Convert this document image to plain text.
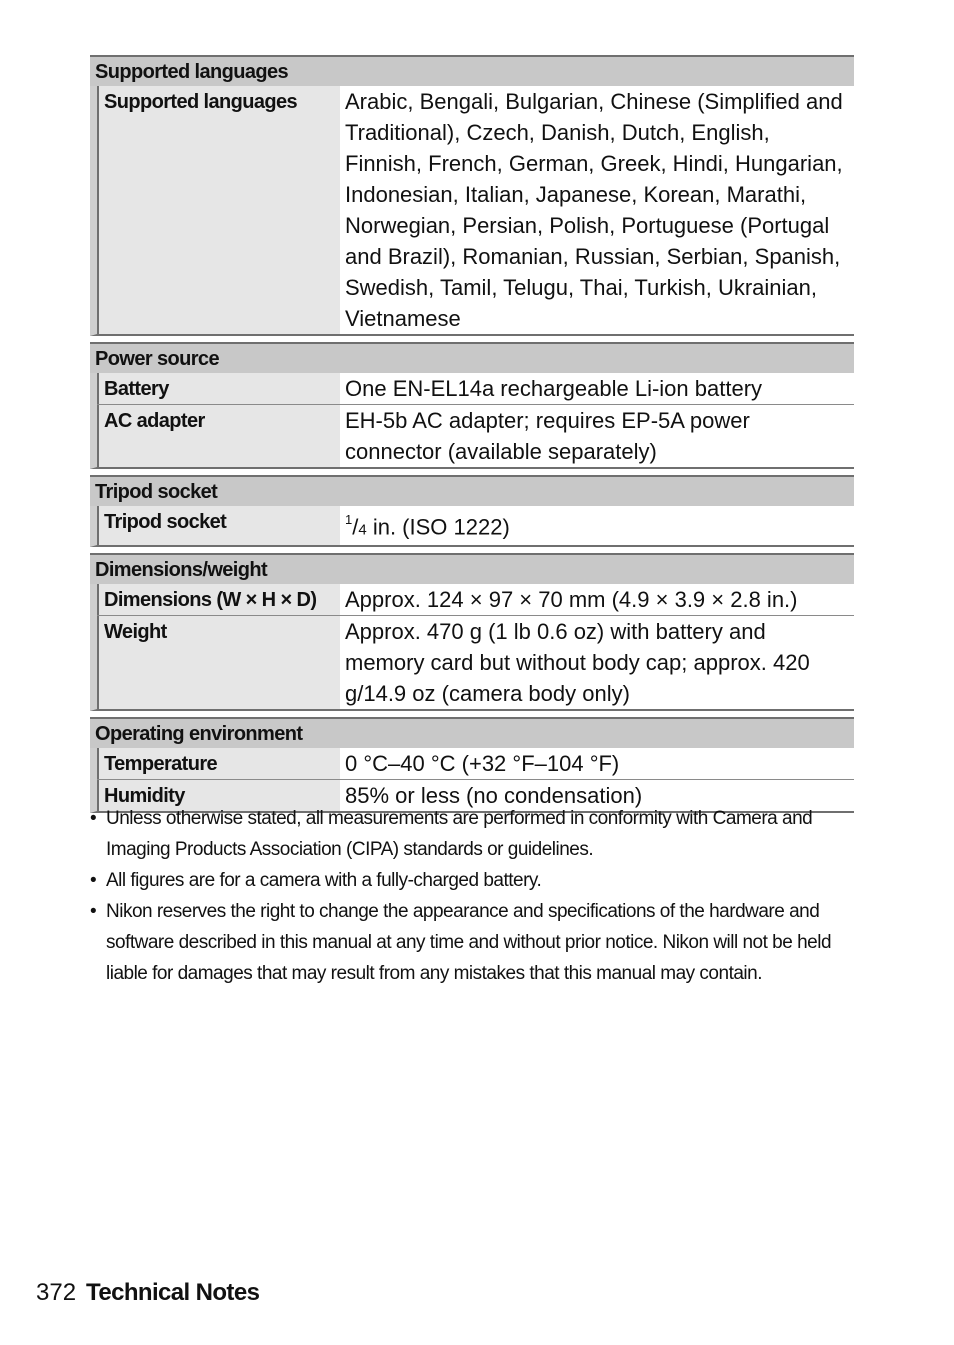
Supported languages
Supported languages	Arabic, Bengali, Bulgarian, Chinese (Simplified and Traditional), Czech, Danish, Dutch, English, Finnish, French, German, Greek, Hindi, Hungarian, Indonesian, Italian, Japanese, Korean, Marathi, Norwegian, Persian, Polish, Portuguese (Portugal and Brazil), Romanian, Russian, Serbian, Spanish, Swedish, Tamil, Telugu, Thai, Turkish, Ukrainian, Vietnamese
Power source
Battery	One EN-EL14a rechargeable Li-ion battery
AC adapter	EH-5b AC adapter; requires EP-5A power connector (available separately)
Tripod socket
Tripod socket	$^1$/4 in. (ISO 1222)
Dimensions/weight
Dimensions (W × H × D)	Approx. 124 × 97 × 70 mm (4.9 × 3.9 × 2.8 in.)
Weight	Approx. 470 g (1 lb 0.6 oz) with battery and memory card but without body cap; approx. 420 g/14.9 oz (camera body only)
Operating environment
Temperature	0 °C–40 °C (+32 °F–104 °F)
Humidity	85% or less (no condensation)
• Unless otherwise stated, all measurements are performed in conformity with Camera and Imaging Products Association (CIPA) standards or guidelines.
• All figures are for a camera with a fully-charged battery.
• Nikon reserves the right to change the appearance and specifications of the hardware and software described in this manual at any time and without prior notice. Nikon will not be held liable for damages that may result from any mistakes that this manual may contain.
372 Technical Notes
